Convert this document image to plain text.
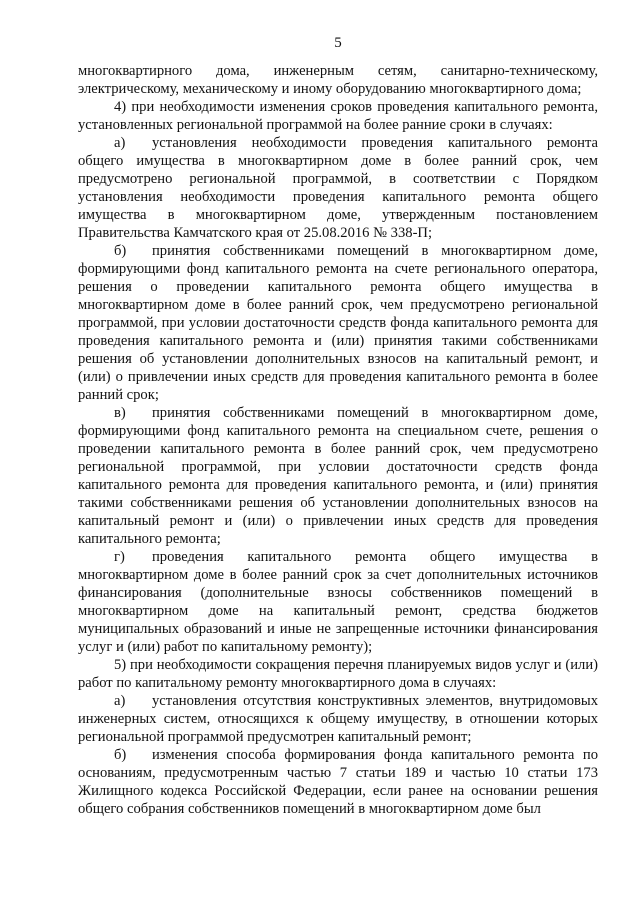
5

многоквартирного дома, инженерным сетям, санитарно-техническому, электрическому, механическому и иному оборудованию многоквартирного дома;

4) при необходимости изменения сроков проведения капитального ремонта, установленных региональной программой на более ранние сроки в случаях:

а) установления необходимости проведения капитального ремонта общего имущества в многоквартирном доме в более ранний срок, чем предусмотрено региональной программой, в соответствии с Порядком установления необходимости проведения капитального ремонта общего имущества в многоквартирном доме, утвержденным постановлением Правительства Камчатского края от 25.08.2016 № 338-П;

б) принятия собственниками помещений в многоквартирном доме, формирующими фонд капитального ремонта на счете регионального оператора, решения о проведении капитального ремонта общего имущества в многоквартирном доме в более ранний срок, чем предусмотрено региональной программой, при условии достаточности средств фонда капитального ремонта для проведения капитального ремонта и (или) принятия такими собственниками решения об установлении дополнительных взносов на капитальный ремонт, и (или) о привлечении иных средств для проведения капитального ремонта в более ранний срок;

в) принятия собственниками помещений в многоквартирном доме, формирующими фонд капитального ремонта на специальном счете, решения о проведении капитального ремонта в более ранний срок, чем предусмотрено региональной программой, при условии достаточности средств фонда капитального ремонта для проведения капитального ремонта, и (или) принятия такими собственниками решения об установлении дополнительных взносов на капитальный ремонт и (или) о привлечении иных средств для проведения капитального ремонта;

г) проведения капитального ремонта общего имущества в многоквартирном доме в более ранний срок за счет дополнительных источников финансирования (дополнительные взносы собственников помещений в многоквартирном доме на капитальный ремонт, средства бюджетов муниципальных образований и иные не запрещенные источники финансирования услуг и (или) работ по капитальному ремонту);

5) при необходимости сокращения перечня планируемых видов услуг и (или) работ по капитальному ремонту многоквартирного дома в случаях:

а) установления отсутствия конструктивных элементов, внутридомовых инженерных систем, относящихся к общему имуществу, в отношении которых региональной программой предусмотрен капитальный ремонт;

б) изменения способа формирования фонда капитального ремонта по основаниям, предусмотренным частью 7 статьи 189 и частью 10 статьи 173 Жилищного кодекса Российской Федерации, если ранее на основании решения общего собрания собственников помещений в многоквартирном доме был
